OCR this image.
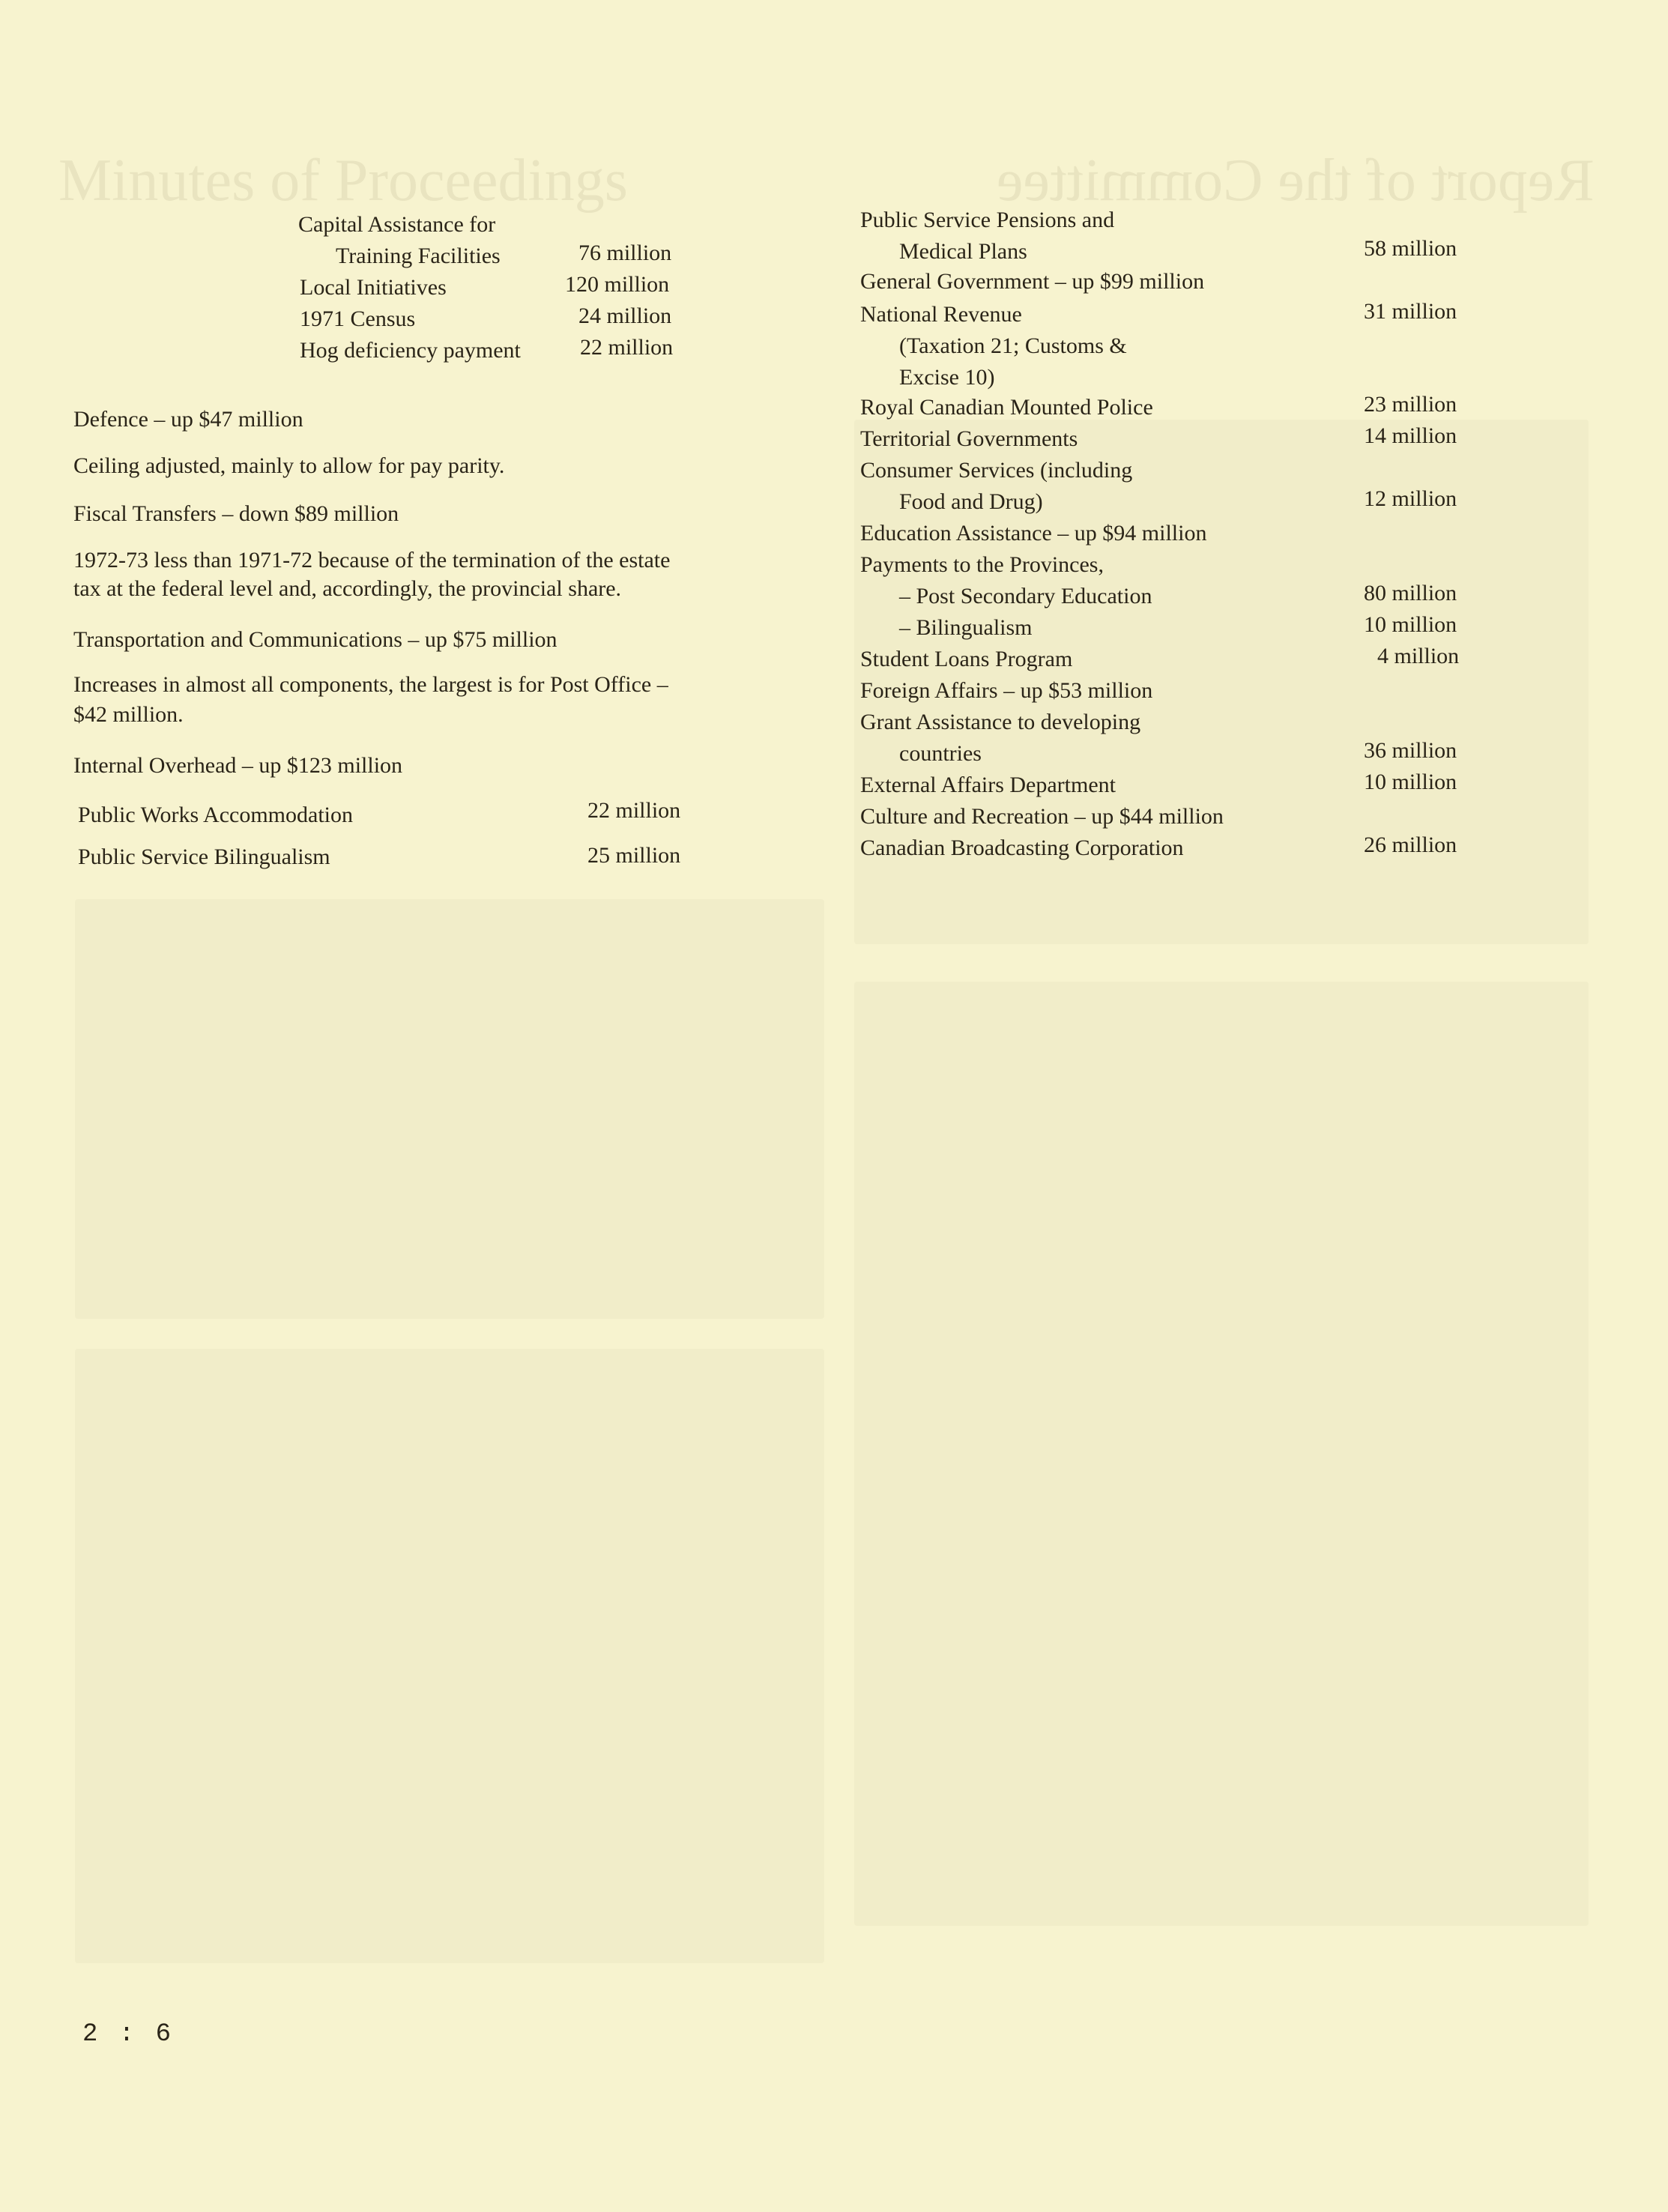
Minutes of Proceedings	Report of the Committee
Capital Assistance for
Training Facilities	76 million
Local Initiatives	120 million
1971 Census	24 million
Hog deficiency payment	22 million
Defence – up $47 million
Ceiling adjusted, mainly to allow for pay parity.
Fiscal Transfers – down $89 million
1972-73 less than 1971-72 because of the termination of the estate
tax at the federal level and, accordingly, the provincial share.
Transportation and Communications – up $75 million
Increases in almost all components, the largest is for Post Office –
$42 million.
Internal Overhead – up $123 million
Public Works Accommodation	22 million
Public Service Bilingualism	25 million
Public Service Pensions and
Medical Plans	58 million
General Government – up $99 million
National Revenue	31 million
(Taxation 21; Customs &
Excise 10)
Royal Canadian Mounted Police	23 million
Territorial Governments	14 million
Consumer Services (including
Food and Drug)	12 million
Education Assistance – up $94 million
Payments to the Provinces,
– Post Secondary Education	80 million
– Bilingualism	10 million
Student Loans Program	4 million
Foreign Affairs – up $53 million
Grant Assistance to developing
countries	36 million
External Affairs Department	10 million
Culture and Recreation – up $44 million
Canadian Broadcasting Corporation	26 million
2 : 6
